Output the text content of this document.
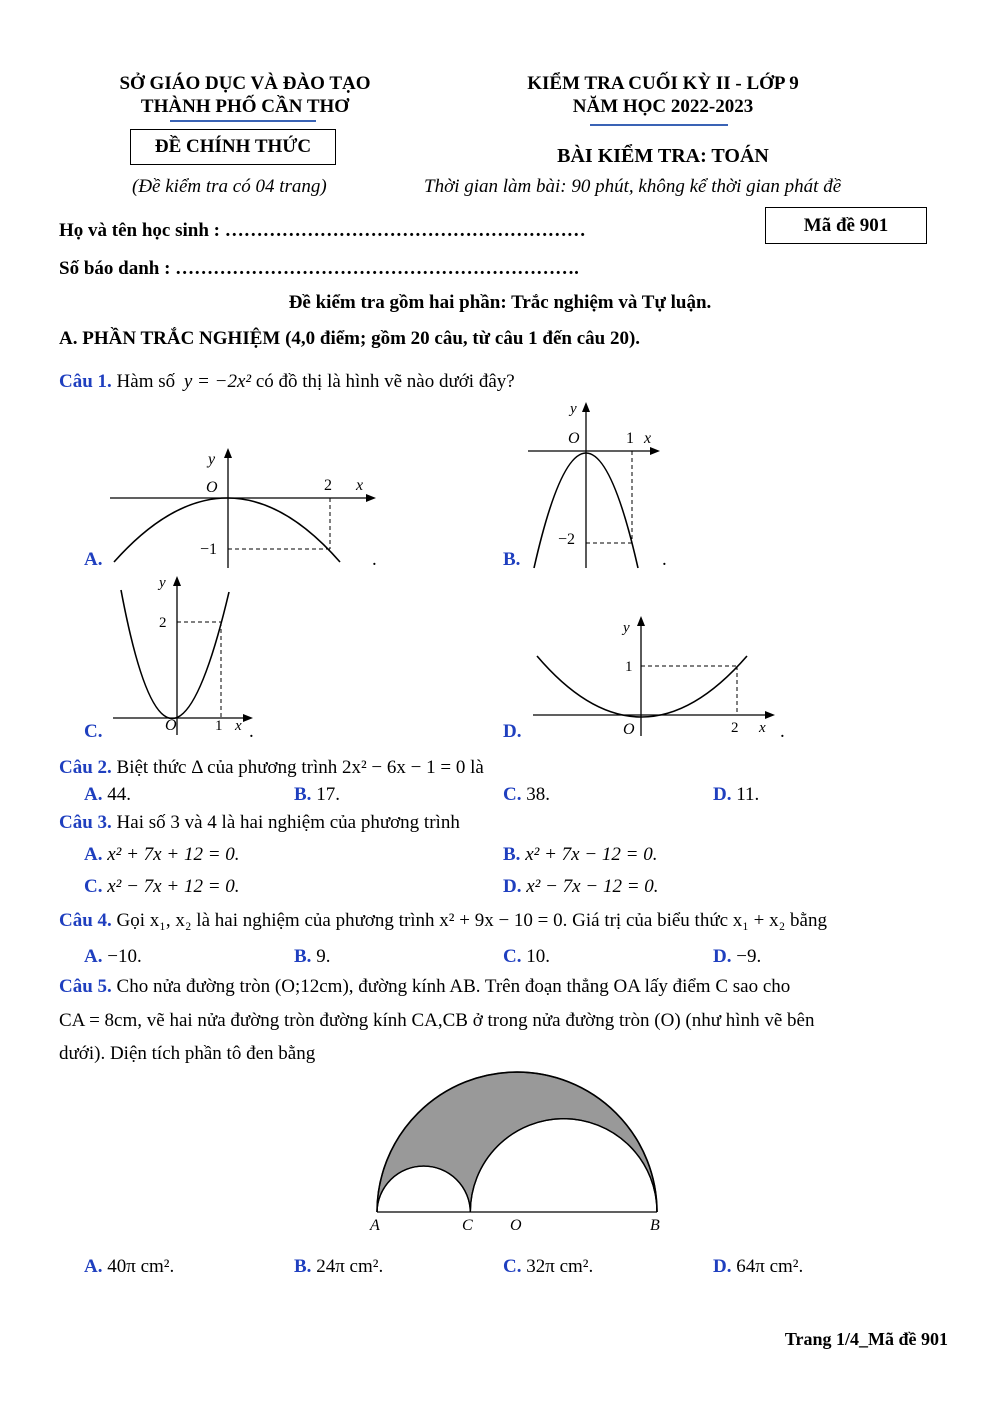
SỞ GIÁO DỤC VÀ ĐÀO TẠO
THÀNH PHỐ CẦN THƠ
KIỂM TRA CUỐI KỲ II - LỚP 9
NĂM HỌC 2022-2023
ĐỀ CHÍNH THỨC	BÀI KIỂM TRA: TOÁN
(Đề kiểm tra có 04 trang)	Thời gian làm bài: 90 phút, không kể thời gian phát đề
Họ và tên học sinh : …………………………………………………	Mã đề 901
Số báo danh : ……………………………………………………….
Đề kiểm tra gồm hai phần: Trắc nghiệm và Tự luận.
A. PHẦN TRẮC NGHIỆM (4,0 điểm; gồm 20 câu, từ câu 1 đến câu 20).
Câu 1. Hàm số y = −2x² có đồ thị là hình vẽ nào dưới đây?
A.
y
O	2 x
−1	.	B.
y
O	1 x
−2
.
C.
y
2
O	1 x .	D.
y
1
O	2 x .
Câu 2. Biệt thức Δ của phương trình 2x² − 6x − 1 = 0 là
A. 44.	B. 17.	C. 38.	D. 11.
Câu 3. Hai số 3 và 4 là hai nghiệm của phương trình
A. x² + 7x + 12 = 0.	B. x² + 7x − 12 = 0.
C. x² − 7x + 12 = 0.	D. x² − 7x − 12 = 0.
Câu 4. Gọi x₁, x₂ là hai nghiệm của phương trình x² + 9x − 10 = 0. Giá trị của biểu thức x₁ + x₂ bằng
A. −10.	B. 9.	C. 10.	D. −9.
Câu 5. Cho nửa đường tròn (O;12cm), đường kính AB. Trên đoạn thẳng OA lấy điểm C sao cho
CA = 8cm, vẽ hai nửa đường tròn đường kính CA,CB ở trong nửa đường tròn (O) (như hình vẽ bên
dưới). Diện tích phần tô đen bằng
A	C O	B
A. 40π cm².	B. 24π cm².	C. 32π cm².	D. 64π cm².
Trang 1/4_Mã đề 901
